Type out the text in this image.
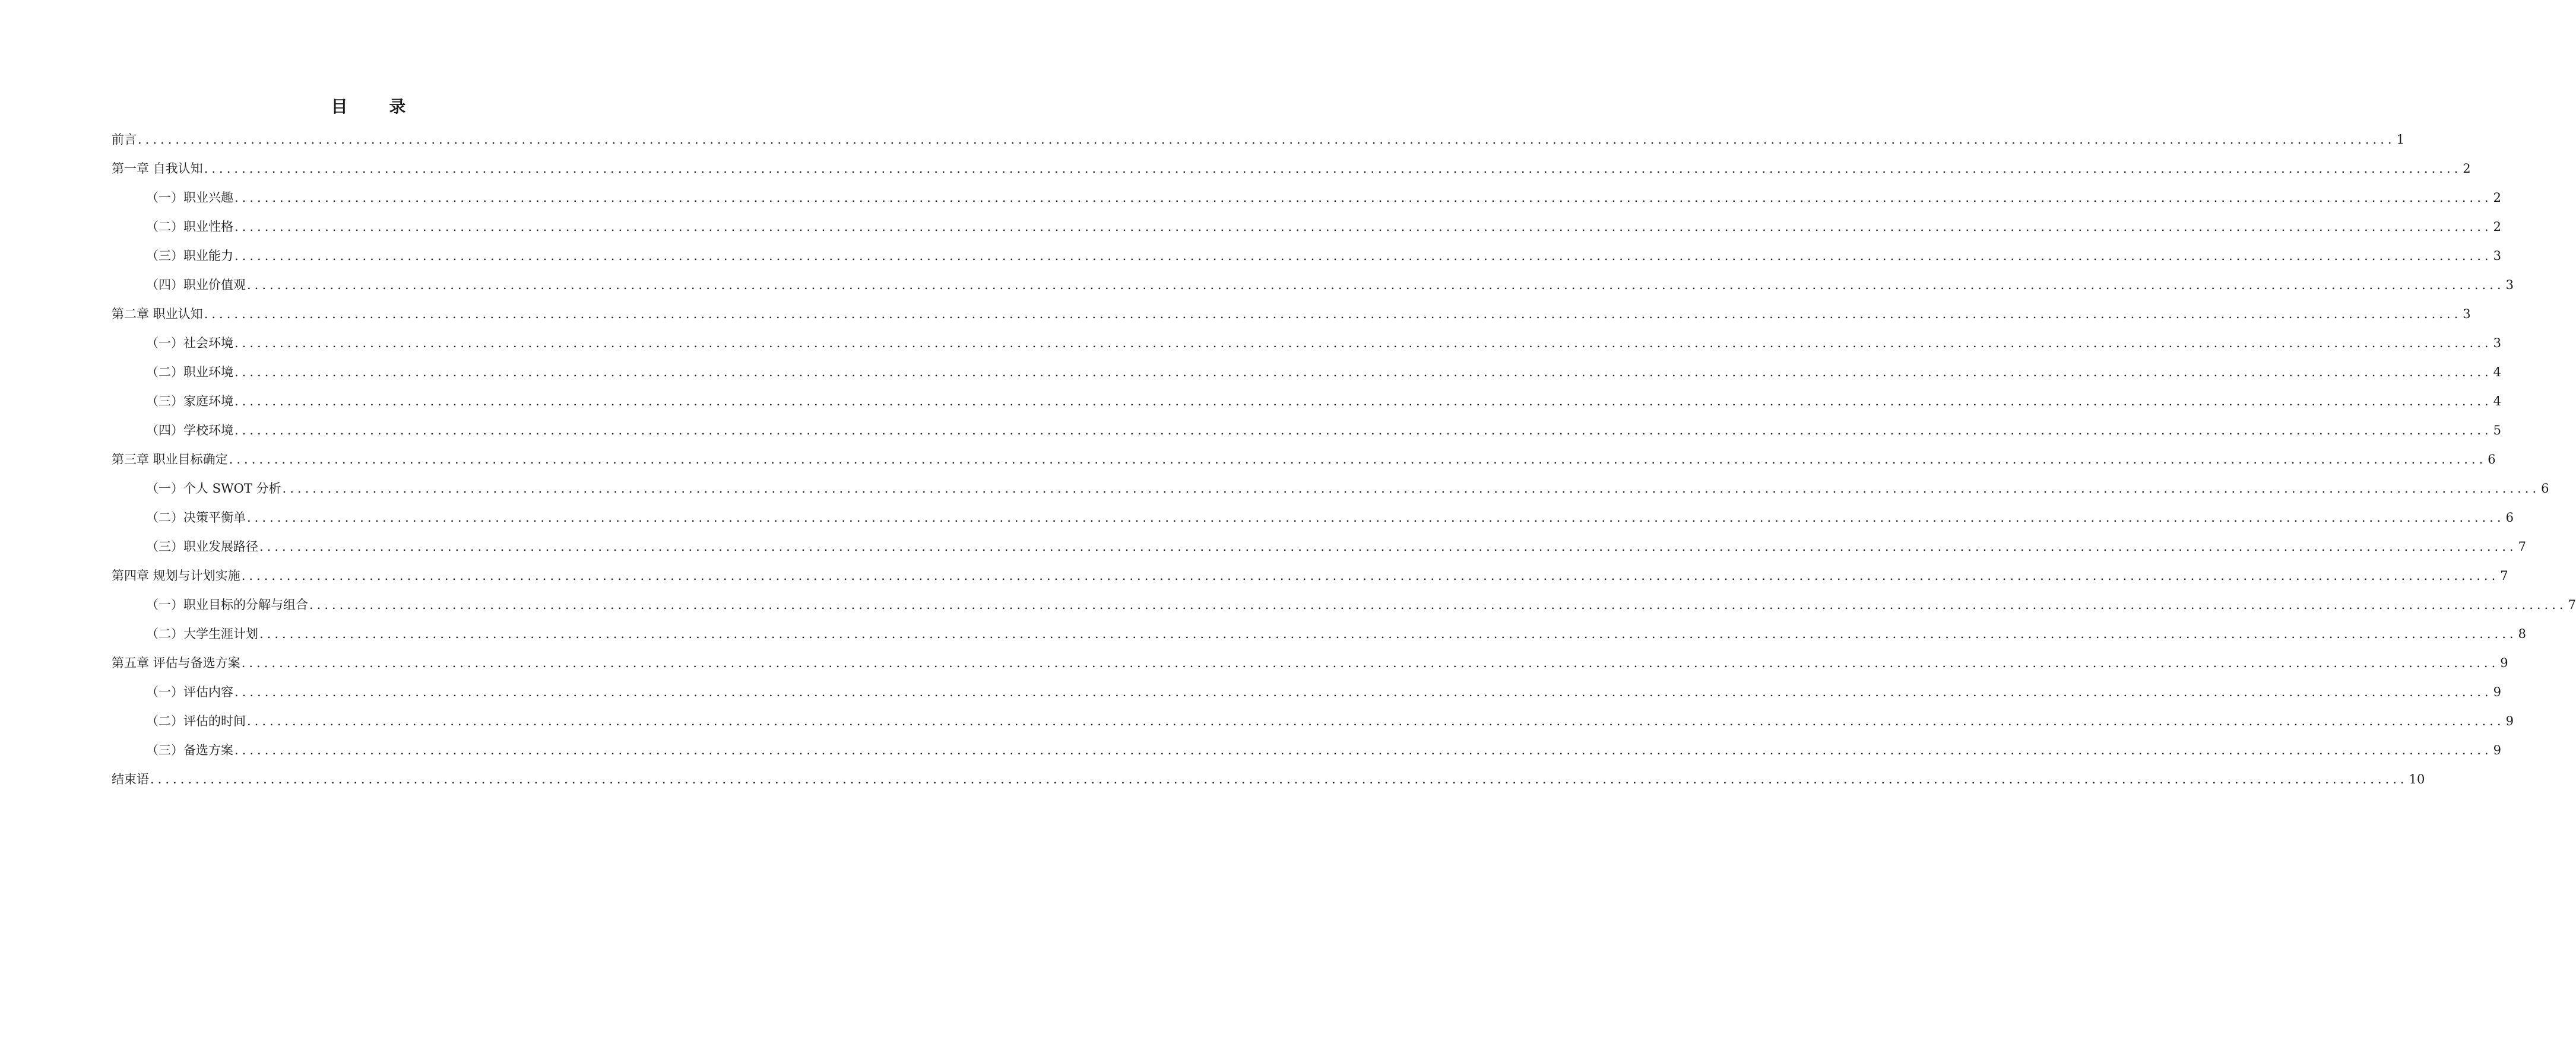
目 录
前言 ............................................................................................................................................................................................................................................................................................................ 1
第一章 自我认知 ............................................................................................................................................................................................................................................................................................................ 2
（一）职业兴趣 ............................................................................................................................................................................................................................................................................................................ 2
（二）职业性格 ............................................................................................................................................................................................................................................................................................................ 2
（三）职业能力 ............................................................................................................................................................................................................................................................................................................ 3
（四）职业价值观 ............................................................................................................................................................................................................................................................................................................ 3
第二章 职业认知 ............................................................................................................................................................................................................................................................................................................ 3
（一）社会环境 ............................................................................................................................................................................................................................................................................................................ 3
（二）职业环境 ............................................................................................................................................................................................................................................................................................................ 4
（三）家庭环境 ............................................................................................................................................................................................................................................................................................................ 4
（四）学校环境 ............................................................................................................................................................................................................................................................................................................ 5
第三章 职业目标确定 ............................................................................................................................................................................................................................................................................................................ 6
（一）个人 SWOT 分析 ............................................................................................................................................................................................................................................................................................................ 6
（二）决策平衡单 ............................................................................................................................................................................................................................................................................................................ 6
（三）职业发展路径 ............................................................................................................................................................................................................................................................................................................ 7
第四章 规划与计划实施 ............................................................................................................................................................................................................................................................................................................ 7
（一）职业目标的分解与组合 ............................................................................................................................................................................................................................................................................................................ 7
（二）大学生涯计划 ............................................................................................................................................................................................................................................................................................................ 8
第五章 评估与备选方案 ............................................................................................................................................................................................................................................................................................................ 9
（一）评估内容 ............................................................................................................................................................................................................................................................................................................ 9
（二）评估的时间 ............................................................................................................................................................................................................................................................................................................ 9
（三）备选方案 ............................................................................................................................................................................................................................................................................................................ 9
结束语 ............................................................................................................................................................................................................................................................................................................ 10
